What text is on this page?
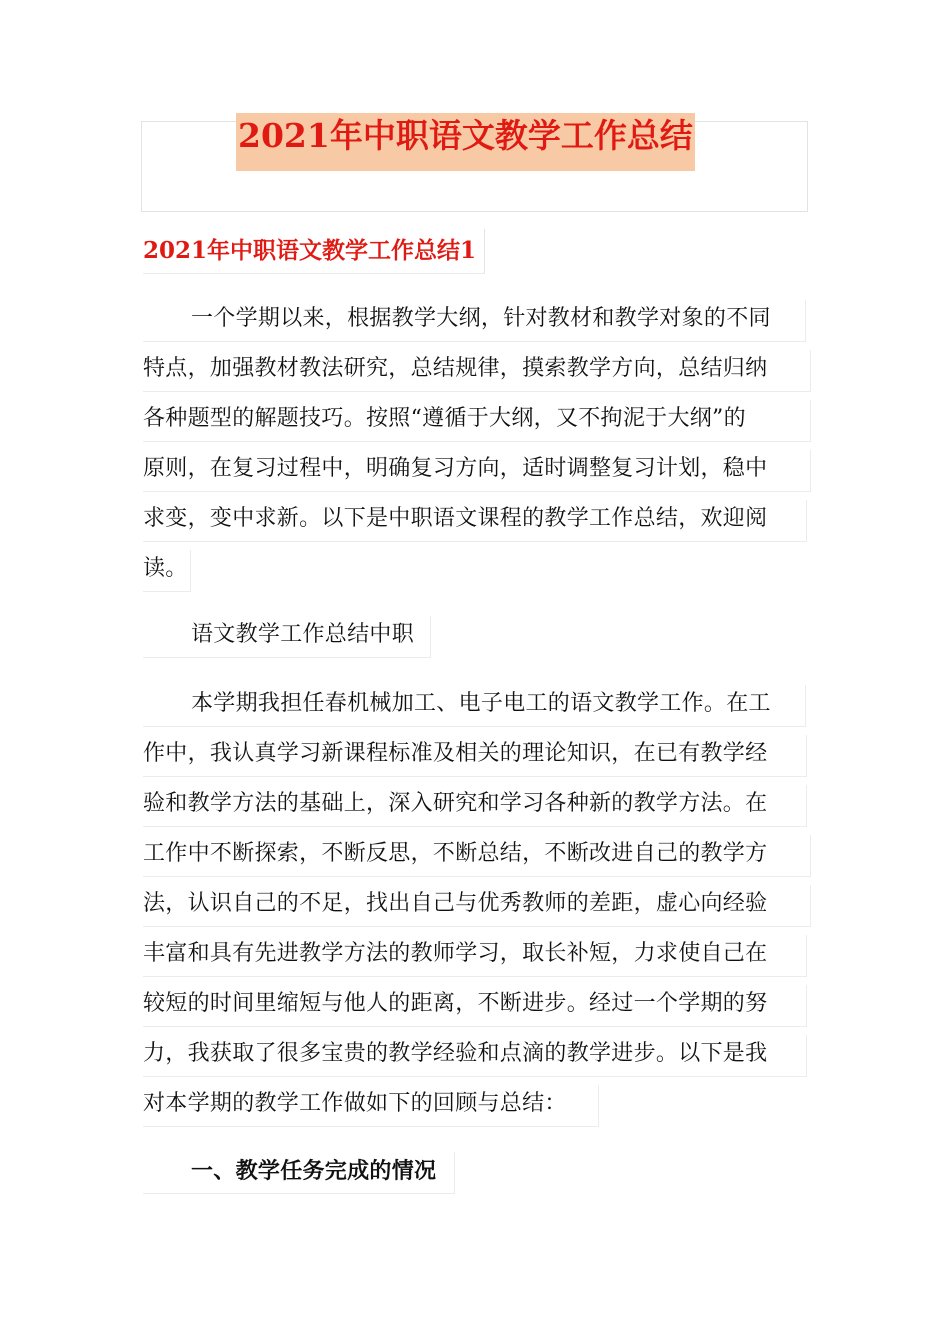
2021年中职语文教学工作总结
2021年中职语文教学工作总结1
一个学期以来，根据教学大纲，针对教材和教学对象的不同
特点，加强教材教法研究，总结规律，摸索教学方向，总结归纳
各种题型的解题技巧。按照“遵循于大纲，又不拘泥于大纲”的
原则，在复习过程中，明确复习方向，适时调整复习计划，稳中
求变，变中求新。以下是中职语文课程的教学工作总结，欢迎阅
读。
语文教学工作总结中职
本学期我担任春机械加工、电子电工的语文教学工作。在工
作中，我认真学习新课程标准及相关的理论知识，在已有教学经
验和教学方法的基础上，深入研究和学习各种新的教学方法。在
工作中不断探索，不断反思，不断总结，不断改进自己的教学方
法，认识自己的不足，找出自己与优秀教师的差距，虚心向经验
丰富和具有先进教学方法的教师学习，取长补短，力求使自己在
较短的时间里缩短与他人的距离，不断进步。经过一个学期的努
力，我获取了很多宝贵的教学经验和点滴的教学进步。以下是我
对本学期的教学工作做如下的回顾与总结：
一、教学任务完成的情况
